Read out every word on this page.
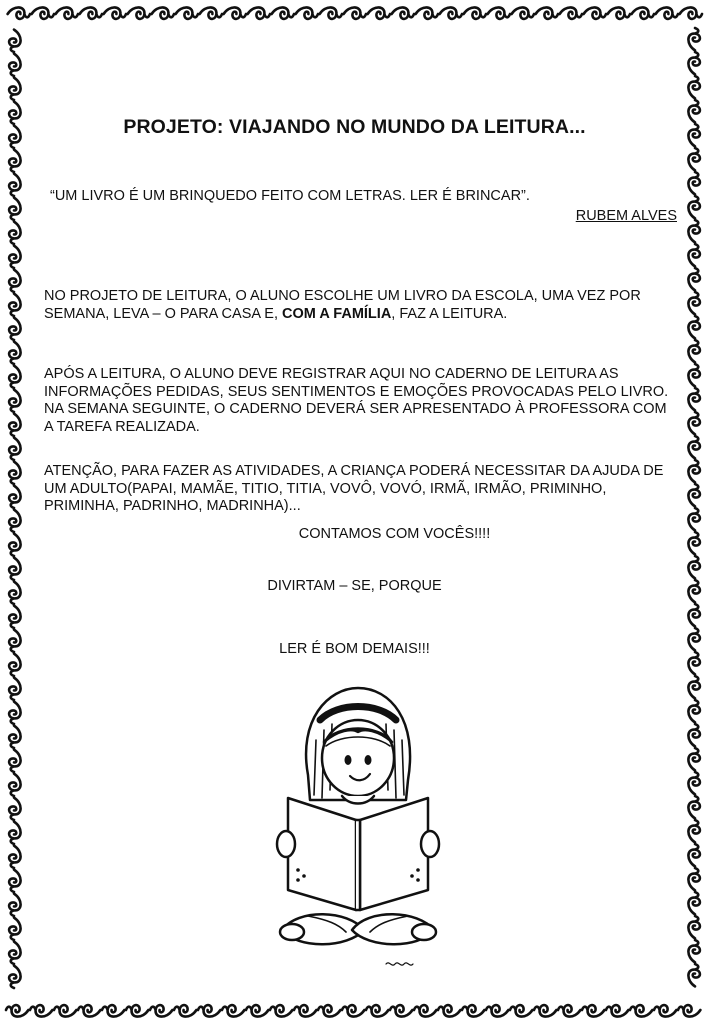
PROJETO: VIAJANDO NO MUNDO DA LEITURA...
“UM LIVRO É UM BRINQUEDO FEITO COM LETRAS. LER É BRINCAR”.
RUBEM ALVES
NO PROJETO DE LEITURA, O ALUNO ESCOLHE UM LIVRO DA ESCOLA, UMA VEZ POR SEMANA, LEVA – O PARA CASA E, COM A FAMÍLIA, FAZ A LEITURA.
APÓS A LEITURA, O ALUNO DEVE REGISTRAR AQUI NO CADERNO DE LEITURA AS INFORMAÇÕES PEDIDAS, SEUS SENTIMENTOS E EMOÇÕES PROVOCADAS PELO LIVRO. NA SEMANA SEGUINTE, O CADERNO DEVERÁ SER APRESENTADO À PROFESSORA COM A TAREFA REALIZADA.
ATENÇÃO, PARA FAZER AS ATIVIDADES, A CRIANÇA PODERÁ NECESSITAR DA AJUDA DE UM ADULTO(PAPAI, MAMÃE, TITIO, TITIA, VOVÔ, VOVÓ, IRMÃ, IRMÃO, PRIMINHO, PRIMINHA, PADRINHO, MADRINHA)...
CONTAMOS COM VOCÊS!!!!
DIVIRTAM – SE, PORQUE
LER É BOM DEMAIS!!!
